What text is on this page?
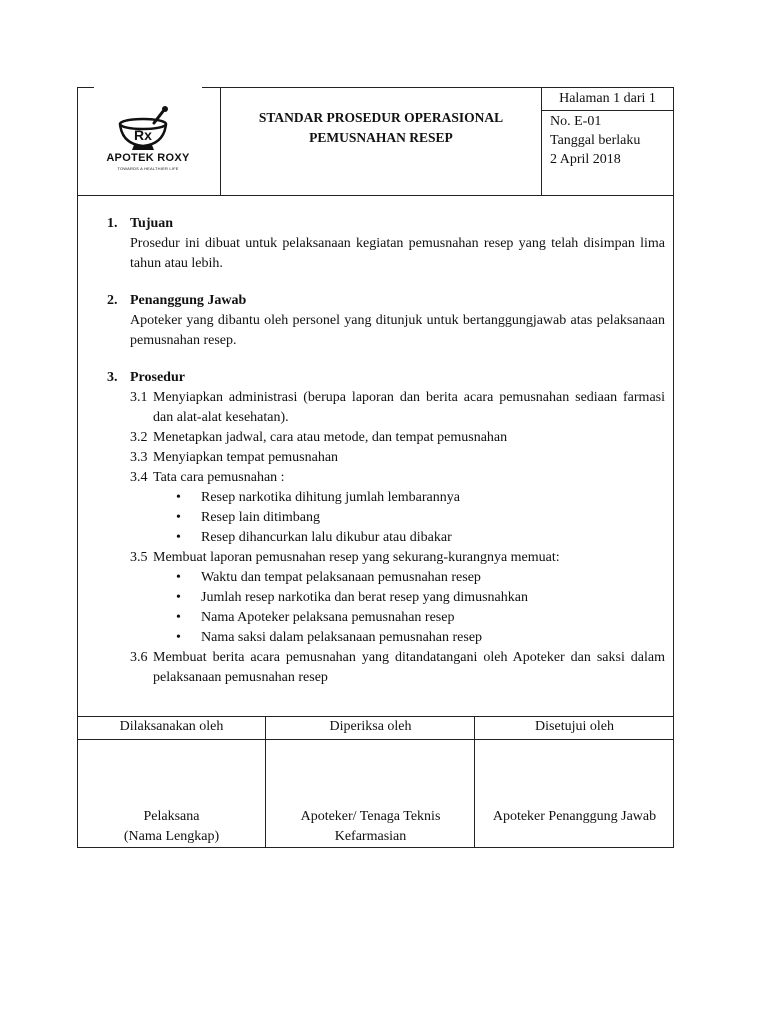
Rx
APOTEK ROXY
TOWARDS A HEALTHIER LIFE
STANDAR PROSEDUR OPERASIONAL
PEMUSNAHAN RESEP
Halaman 1 dari 1
No. E-01
Tanggal berlaku
2 April 2018
1. Tujuan
Prosedur ini dibuat untuk pelaksanaan kegiatan pemusnahan resep yang telah disimpan lima tahun atau lebih.
2. Penanggung Jawab
Apoteker yang dibantu oleh personel yang ditunjuk untuk bertanggungjawab atas pelaksanaan pemusnahan resep.
3. Prosedur
3.1 Menyiapkan administrasi (berupa laporan dan berita acara pemusnahan sediaan farmasi dan alat-alat kesehatan).
3.2 Menetapkan jadwal, cara atau metode, dan tempat pemusnahan
3.3 Menyiapkan tempat pemusnahan
3.4 Tata cara pemusnahan :
• Resep narkotika dihitung jumlah lembarannya
• Resep lain ditimbang
• Resep dihancurkan lalu dikubur atau dibakar
3.5 Membuat laporan pemusnahan resep yang sekurang-kurangnya memuat:
• Waktu dan tempat pelaksanaan pemusnahan resep
• Jumlah resep narkotika dan berat resep yang dimusnahkan
• Nama Apoteker pelaksana pemusnahan resep
• Nama saksi dalam pelaksanaan pemusnahan resep
3.6 Membuat berita acara pemusnahan yang ditandatangani oleh Apoteker dan saksi dalam pelaksanaan pemusnahan resep
Dilaksanakan oleh
Pelaksana
(Nama Lengkap)
Diperiksa oleh
Apoteker/ Tenaga Teknis
Kefarmasian
Disetujui oleh
Apoteker Penanggung Jawab
